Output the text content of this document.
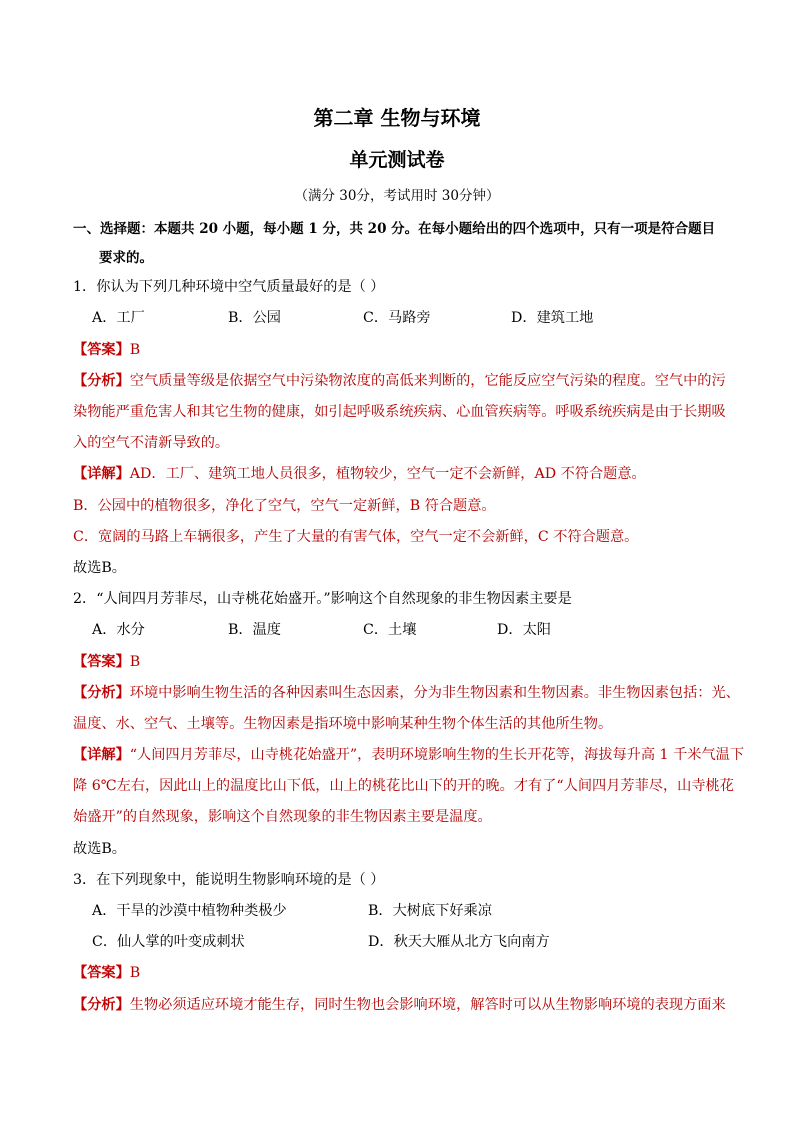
第二章 生物与环境
单元测试卷
（满分 30分，考试用时 30分钟）
一、选择题：本题共 20 小题，每小题 1 分，共 20 分。在每小题给出的四个选项中，只有一项是符合题目
要求的。
1．你认为下列几种环境中空气质量最好的是（ ）
A．工厂	B．公园	C．马路旁	D．建筑工地
【答案】B
【分析】空气质量等级是依据空气中污染物浓度的高低来判断的，它能反应空气污染的程度。空气中的污
染物能严重危害人和其它生物的健康，如引起呼吸系统疾病、心血管疾病等。呼吸系统疾病是由于长期吸
入的空气不清新导致的。
【详解】AD．工厂、建筑工地人员很多，植物较少，空气一定不会新鲜，AD 不符合题意。
B．公园中的植物很多，净化了空气，空气一定新鲜，B 符合题意。
C．宽阔的马路上车辆很多，产生了大量的有害气体，空气一定不会新鲜，C 不符合题意。
故选B。
2．“人间四月芳菲尽，山寺桃花始盛开。”影响这个自然现象的非生物因素主要是
A．水分	B．温度	C．土壤	D．太阳
【答案】B
【分析】环境中影响生物生活的各种因素叫生态因素，分为非生物因素和生物因素。非生物因素包括：光、
温度、水、空气、土壤等。生物因素是指环境中影响某种生物个体生活的其他所生物。
【详解】“人间四月芳菲尽，山寺桃花始盛开”，表明环境影响生物的生长开花等，海拔每升高 1 千米气温下
降 6℃左右，因此山上的温度比山下低，山上的桃花比山下的开的晚。才有了“人间四月芳菲尽，山寺桃花
始盛开”的自然现象，影响这个自然现象的非生物因素主要是温度。
故选B。
3．在下列现象中，能说明生物影响环境的是（ ）
A．干旱的沙漠中植物种类极少	B．大树底下好乘凉
C．仙人掌的叶变成刺状	D．秋天大雁从北方飞向南方
【答案】B
【分析】生物必须适应环境才能生存，同时生物也会影响环境，解答时可以从生物影响环境的表现方面来
